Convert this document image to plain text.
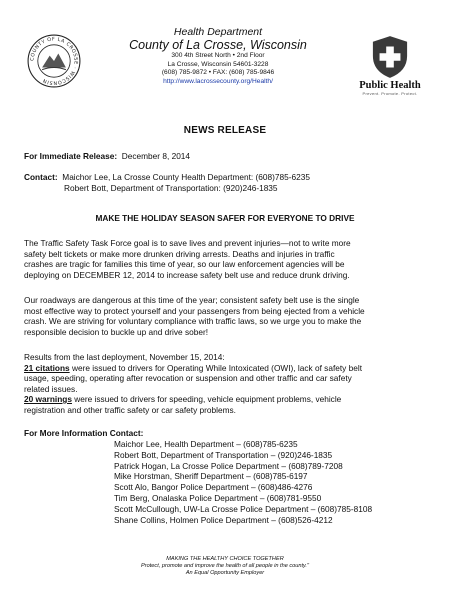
COUNTY OF LA CROSSE · WISCONSIN
Health Department
County of La Crosse, Wisconsin
300 4th Street North • 2nd Floor
La Crosse, Wisconsin 54601-3228
(608) 785-9872 • FAX: (608) 785-9846
http://www.lacrossecounty.org/Health/	Public Health
Prevent. Promote. Protect.
NEWS RELEASE
For Immediate Release: December 8, 2014
Contact: Maichor Lee, La Crosse County Health Department: (608)785-6235
Robert Bott, Department of Transportation: (920)246-1835
MAKE THE HOLIDAY SEASON SAFER FOR EVERYONE TO DRIVE
The Traffic Safety Task Force goal is to save lives and prevent injuries—not to write more
safety belt tickets or make more drunken driving arrests. Deaths and injuries in traffic
crashes are tragic for families this time of year, so our law enforcement agencies will be
deploying on DECEMBER 12, 2014 to increase safety belt use and reduce drunk driving.
Our roadways are dangerous at this time of the year; consistent safety belt use is the single
most effective way to protect yourself and your passengers from being ejected from a vehicle
crash. We are striving for voluntary compliance with traffic laws, so we urge you to make the
responsible decision to buckle up and drive sober!
Results from the last deployment, November 15, 2014:
21 citations were issued to drivers for Operating While Intoxicated (OWI), lack of safety belt
usage, speeding, operating after revocation or suspension and other traffic and car safety
related issues.
20 warnings were issued to drivers for speeding, vehicle equipment problems, vehicle
registration and other traffic safety or car safety problems.
For More Information Contact:
Maichor Lee, Health Department – (608)785-6235
Robert Bott, Department of Transportation – (920)246-1835
Patrick Hogan, La Crosse Police Department – (608)789-7208
Mike Horstman, Sheriff Department – (608)785-6197
Scott Alo, Bangor Police Department – (608)486-4276
Tim Berg, Onalaska Police Department – (608)781-9550
Scott McCullough, UW-La Crosse Police Department – (608)785-8108
Shane Collins, Holmen Police Department – (608)526-4212
MAKING THE HEALTHY CHOICE TOGETHER
Protect, promote and improve the health of all people in the county."
An Equal Opportunity Employer
